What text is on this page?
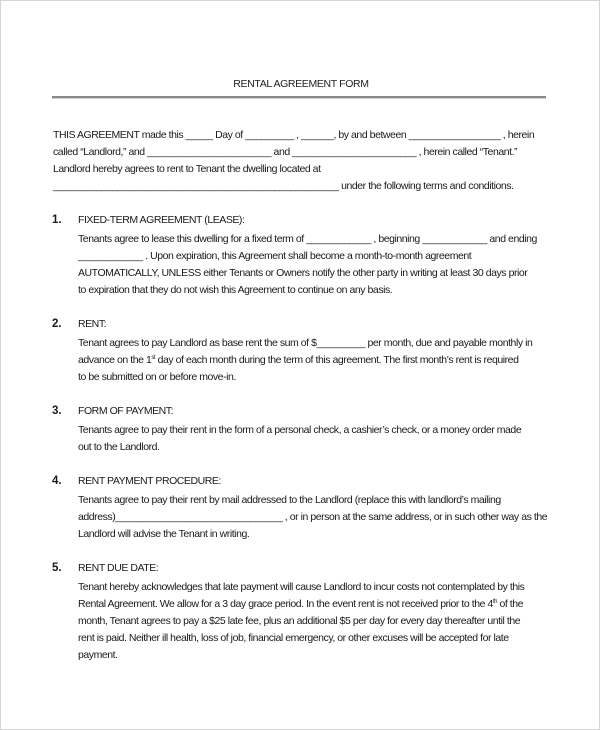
RENTAL AGREEMENT FORM
THIS AGREEMENT made this _____ Day of _________ , ______, by and between _________________ , herein
called “Landlord,” and _______________________ and _______________________ , herein called “Tenant.”
Landlord hereby agrees to rent to Tenant the dwelling located at
_____________________________________________________ under the following terms and conditions.
1. FIXED-TERM AGREEMENT (LEASE):
Tenants agree to lease this dwelling for a fixed term of ____________ , beginning ____________ and ending
____________ . Upon expiration, this Agreement shall become a month-to-month agreement
AUTOMATICALLY, UNLESS either Tenants or Owners notify the other party in writing at least 30 days prior
to expiration that they do not wish this Agreement to continue on any basis.
2. RENT:
Tenant agrees to pay Landlord as base rent the sum of $_________ per month, due and payable monthly in
advance on the 1st day of each month during the term of this agreement. The first month’s rent is required
to be submitted on or before move-in.
3. FORM OF PAYMENT:
Tenants agree to pay their rent in the form of a personal check, a cashier’s check, or a money order made
out to the Landlord.
4. RENT PAYMENT PROCEDURE:
Tenants agree to pay their rent by mail addressed to the Landlord (replace this with landlord’s mailing
address)_______________________________ , or in person at the same address, or in such other way as the
Landlord will advise the Tenant in writing.
5. RENT DUE DATE:
Tenant hereby acknowledges that late payment will cause Landlord to incur costs not contemplated by this
Rental Agreement. We allow for a 3 day grace period. In the event rent is not received prior to the 4th of the
month, Tenant agrees to pay a $25 late fee, plus an additional $5 per day for every day thereafter until the
rent is paid. Neither ill health, loss of job, financial emergency, or other excuses will be accepted for late
payment.
